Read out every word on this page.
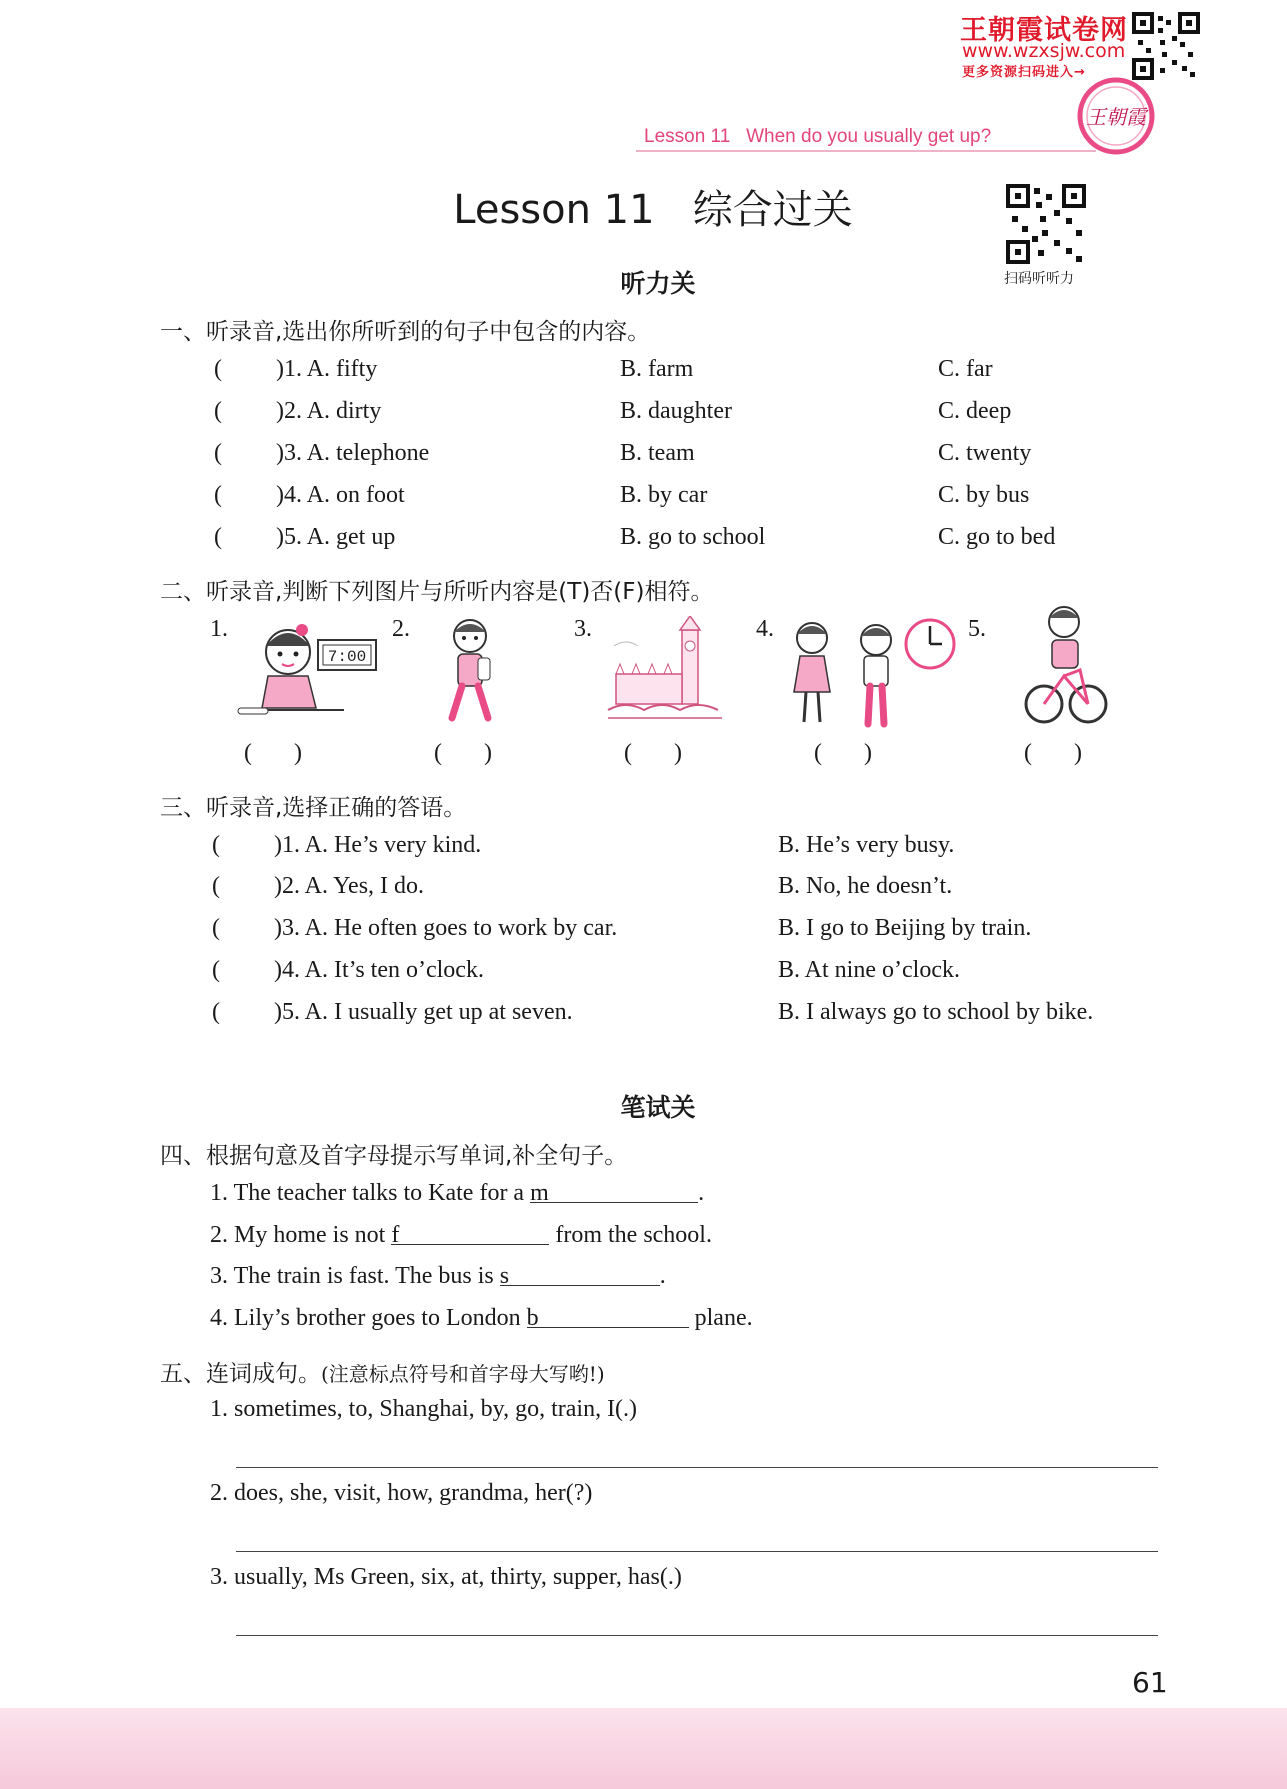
王朝霞试卷网
www.wzxsjw.com
更多资源扫码进入→
王朝霞
Lesson 11   When do you usually get up?
Lesson 11   综合过关
扫码听听力
听力关
一、听录音,选出你所听到的句子中包含的内容。
( )1. A. fifty	B. farm	C. far
( )2. A. dirty	B. daughter	C. deep
( )3. A. telephone	B. team	C. twenty
( )4. A. on foot	B. by car	C. by bus
( )5. A. get up	B. go to school	C. go to bed
二、听录音,判断下列图片与所听内容是(T)否(F)相符。
1.	2.	3.	4.	5.
7:00
(       )	(       )	(       )	(       )	(       )
三、听录音,选择正确的答语。
( )1. A. He’s very kind.	B. He’s very busy.
( )2. A. Yes, I do.	B. No, he doesn’t.
( )3. A. He often goes to work by car.	B. I go to Beijing by train.
( )4. A. It’s ten o’clock.	B. At nine o’clock.
( )5. A. I usually get up at seven.	B. I always go to school by bike.
笔试关
四、根据句意及首字母提示写单词,补全句子。
1. The teacher talks to Kate for a m	.
2. My home is not f	from the school.
3. The train is fast. The bus is s	.
4. Lily’s brother goes to London b	plane.
五、连词成句。(注意标点符号和首字母大写哟!)
1. sometimes, to, Shanghai, by, go, train, I(.)
2. does, she, visit, how, grandma, her(?)
3. usually, Ms Green, six, at, thirty, supper, has(.)
61
